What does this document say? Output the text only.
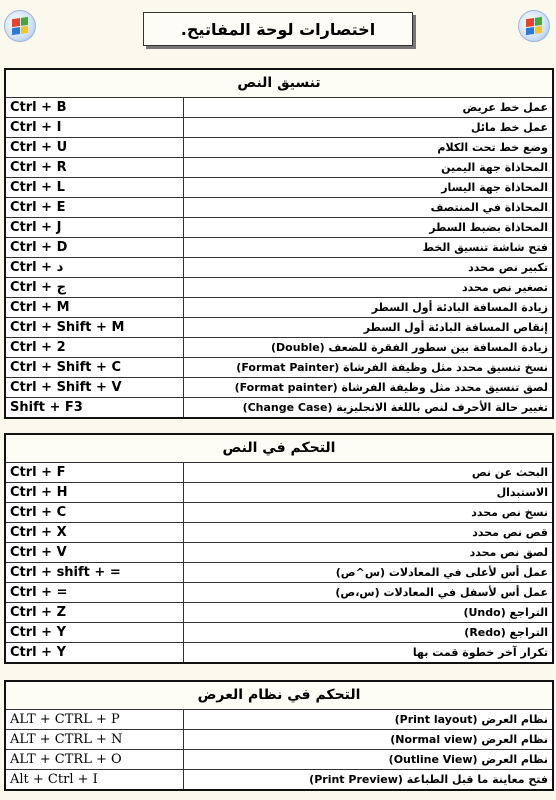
اختصارات لوحة المفاتيح.
تنسيق النص	
Ctrl + B	عمل خط عريض
Ctrl + I	عمل خط مائل
Ctrl + U	وضع خط تحت الكلام
Ctrl + R	المحاذاة جهة اليمين
Ctrl + L	المحاذاة جهة اليسار
Ctrl + E	المحاذاة في المنتصف
Ctrl + J	المحاذاة بضبط السطر
Ctrl + D	فتح شاشة تنسيق الخط
Ctrl + د	تكبير نص محدد
Ctrl + ج	تصغير نص محدد
Ctrl + M	زيادة المسافة البادئة أول السطر
Ctrl + Shift + M	إنقاص المسافة البادئة أول السطر
Ctrl + 2	زيادة المسافة بين سطور الفقرة للضعف (Double)
Ctrl + Shift + C	نسخ تنسيق محدد مثل وظيفة الفرشاة (Format Painter)
Ctrl + Shift + V	لصق تنسيق محدد مثل وظيفة الفرشاة (Format painter)
Shift + F3	تغيير حالة الأحرف لنص باللغة الانجليزية (Change Case)
التحكم في النص	
Ctrl + F	البحث عن نص
Ctrl + H	الاستبدال
Ctrl + C	نسخ نص محدد
Ctrl + X	قص نص محدد
Ctrl + V	لصق نص محدد
Ctrl + shift + =	عمل أس لأعلى في المعادلات (س^ص)
Ctrl + =	عمل أس لأسفل في المعادلات (س،ص)
Ctrl + Z	التراجع (Undo)
Ctrl + Y	التراجع (Redo)
Ctrl + Y	تكرار آخر خطوة قمت بها
التحكم في نظام العرض	
ALT + CTRL + P	نظام العرض (Print layout)
ALT + CTRL + N	نظام العرض (Normal view)
ALT + CTRL + O	نظام العرض (Outline View)
Alt + Ctrl + I	فتح معاينة ما قبل الطباعة (Print Preview)
